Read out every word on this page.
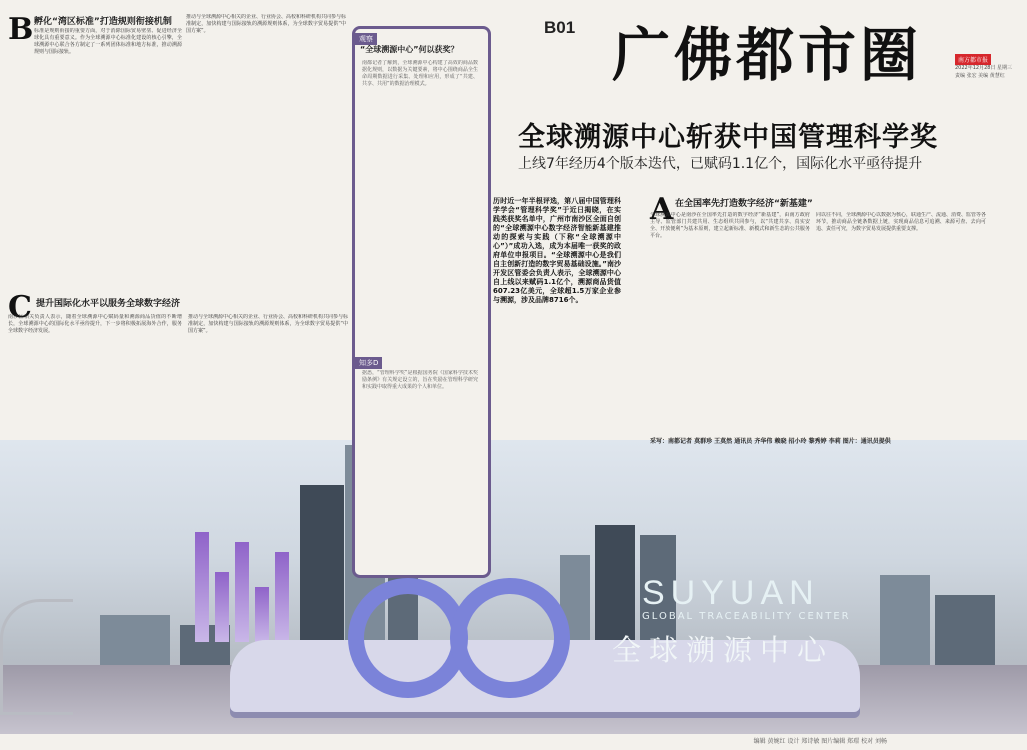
SUYUAN
GLOBAL TRACEABILITY CENTER
全球溯源中心
B 孵化“湾区标准”打造规则衔接机制
标准是规则衔接的重要方面，对于消除国际贸易壁垒、促进经济全球化具有重要意义。作为全球溯源中心标准化建设的核心引擎，全球溯源中心联合各方制定了一系列团体标准和地方标准，推动溯源规则与国际接轨。
推动与全球溯源中心相关的企业、行业协会、高校和科研机构共同参与标准制定，加快构建与国际接轨的溯源规则体系，为全球数字贸易提供“中国方案”。
C 提升国际化水平以服务全球数字经济
南沙区相关负责人表示，随着全球溯源中心赋码量和溯源商品货值的不断增长，全球溯源中心的国际化水平亟待提升，下一步将积极拓展海外合作，服务全球数字经济发展。
推动与全球溯源中心相关的企业、行业协会、高校和科研机构共同参与标准制定，加快构建与国际接轨的溯源规则体系，为全球数字贸易提供“中国方案”。
观察
“全球溯源中心”何以获奖？
南都记者了解到，全球溯源中心构建了高效的商品数据化规则，以数据为关键要素，将中心围绕商品全生命周期数据进行采集、处理和应用，形成了“共建、共享、共用”的数据治理模式。
知多D
据悉，“管理科学奖”是根据国务院《国家科学技术奖励条例》有关规定设立的，旨在奖励在管理科学研究和实践中取得重大成果的个人和单位。
B01 广佛都市圈	南方都市报
2022年12月28日 星期三
责编 张宏 美编 黄慧红
全球溯源中心斩获中国管理科学奖
上线7年经历4个版本迭代，已赋码1.1亿个，国际化水平亟待提升
历时近一年半根评选，第八届中国管理科学学会“管理科学奖”于近日揭晓，在实践类获奖名单中，广州市南沙区全面自创的“全球溯源中心数字经济智能新基建推动的探索与实践（下称“全球溯源中心”）”成功入选，成为本届唯一获奖的政府单位申报项目。“全球溯源中心是我们自主创新打造的数字贸易基础设施。”南沙开发区管委会负责人表示，全球溯源中心自上线以来赋码1.1亿个，溯源商品货值607.23亿美元，全球超1.5万家企业参与溯源，涉及品牌8716个。
A 在全国率先打造数字经济“新基建”
全球溯源中心是南沙在全国率先打造的数字经济“新基建”，由南方政府主导、监管部门共建共用、生态组织共同参与，以“共建共享、真实安全、开放便利”为基本原则，建立起新标准、新模式和新生态的公共服务平台。
同以往不同，全球溯源中心以数据为核心，联通生产、流通、消费、监管等各环节，推动商品全链条数据上链，实现商品信息可追溯、来源可查、去向可追、责任可究，为数字贸易发展提供重要支撑。
采写：南都记者 莫群珍 王莫然 通讯员 齐华伟 赖晓 招小玲 黎秀婷 李莉 图片：通讯员提供
编辑 黄婉红 设计 郑诗敏 图片编辑 郑璟 校对 刘畅
